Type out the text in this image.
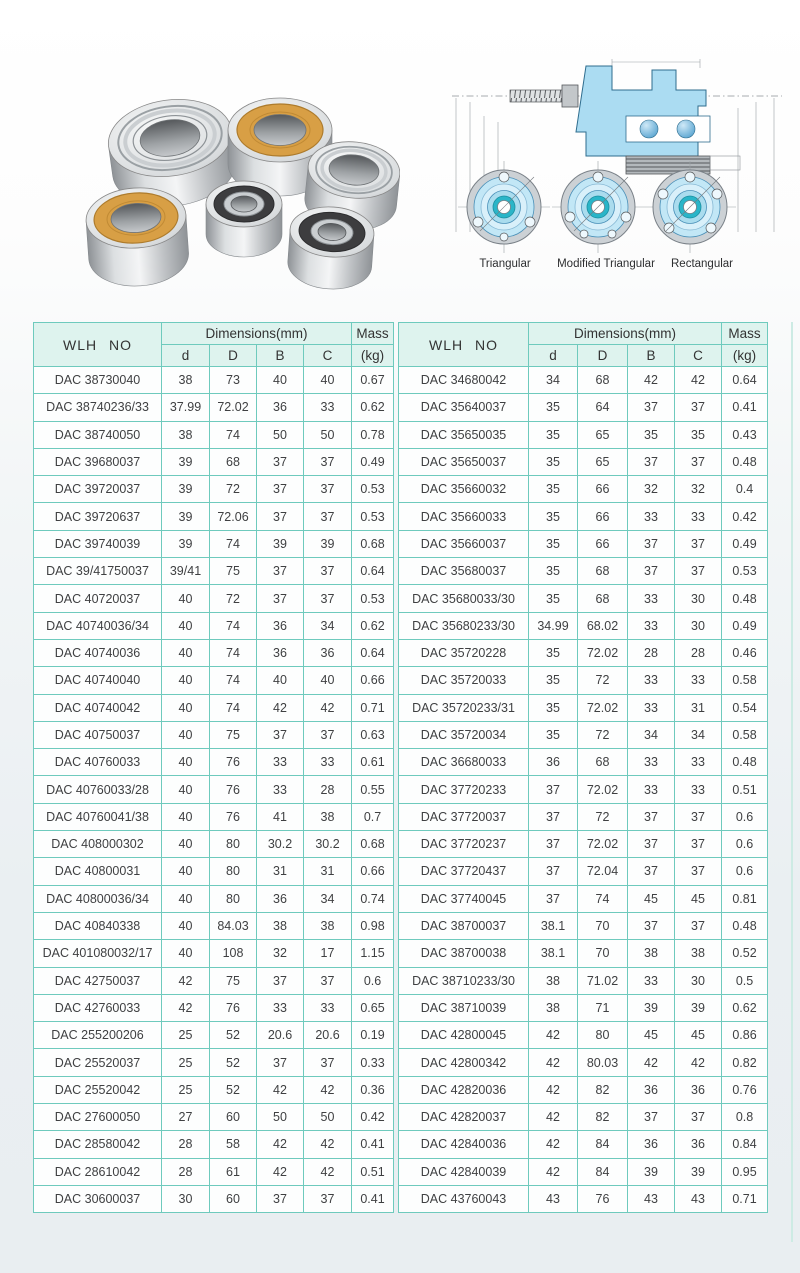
Triangular Modified Triangular Rectangular
WLH NO	Dimensions(mm)				Mass
	d	D	B	C	(kg)
DAC 38730040	38	73	40	40	0.67
DAC 38740236/33	37.99	72.02	36	33	0.62
DAC 38740050	38	74	50	50	0.78
DAC 39680037	39	68	37	37	0.49
DAC 39720037	39	72	37	37	0.53
DAC 39720637	39	72.06	37	37	0.53
DAC 39740039	39	74	39	39	0.68
DAC 39/41750037	39/41	75	37	37	0.64
DAC 40720037	40	72	37	37	0.53
DAC 40740036/34	40	74	36	34	0.62
DAC 40740036	40	74	36	36	0.64
DAC 40740040	40	74	40	40	0.66
DAC 40740042	40	74	42	42	0.71
DAC 40750037	40	75	37	37	0.63
DAC 40760033	40	76	33	33	0.61
DAC 40760033/28	40	76	33	28	0.55
DAC 40760041/38	40	76	41	38	0.7
DAC 408000302	40	80	30.2	30.2	0.68
DAC 40800031	40	80	31	31	0.66
DAC 40800036/34	40	80	36	34	0.74
DAC 40840338	40	84.03	38	38	0.98
DAC 401080032/17	40	108	32	17	1.15
DAC 42750037	42	75	37	37	0.6
DAC 42760033	42	76	33	33	0.65
DAC 255200206	25	52	20.6	20.6	0.19
DAC 25520037	25	52	37	37	0.33
DAC 25520042	25	52	42	42	0.36
DAC 27600050	27	60	50	50	0.42
DAC 28580042	28	58	42	42	0.41
DAC 28610042	28	61	42	42	0.51
DAC 30600037	30	60	37	37	0.41
WLH NO	Dimensions(mm)				Mass
	d	D	B	C	(kg)
DAC 34680042	34	68	42	42	0.64
DAC 35640037	35	64	37	37	0.41
DAC 35650035	35	65	35	35	0.43
DAC 35650037	35	65	37	37	0.48
DAC 35660032	35	66	32	32	0.4
DAC 35660033	35	66	33	33	0.42
DAC 35660037	35	66	37	37	0.49
DAC 35680037	35	68	37	37	0.53
DAC 35680033/30	35	68	33	30	0.48
DAC 35680233/30	34.99	68.02	33	30	0.49
DAC 35720228	35	72.02	28	28	0.46
DAC 35720033	35	72	33	33	0.58
DAC 35720233/31	35	72.02	33	31	0.54
DAC 35720034	35	72	34	34	0.58
DAC 36680033	36	68	33	33	0.48
DAC 37720233	37	72.02	33	33	0.51
DAC 37720037	37	72	37	37	0.6
DAC 37720237	37	72.02	37	37	0.6
DAC 37720437	37	72.04	37	37	0.6
DAC 37740045	37	74	45	45	0.81
DAC 38700037	38.1	70	37	37	0.48
DAC 38700038	38.1	70	38	38	0.52
DAC 38710233/30	38	71.02	33	30	0.5
DAC 38710039	38	71	39	39	0.62
DAC 42800045	42	80	45	45	0.86
DAC 42800342	42	80.03	42	42	0.82
DAC 42820036	42	82	36	36	0.76
DAC 42820037	42	82	37	37	0.8
DAC 42840036	42	84	36	36	0.84
DAC 42840039	42	84	39	39	0.95
DAC 43760043	43	76	43	43	0.71
